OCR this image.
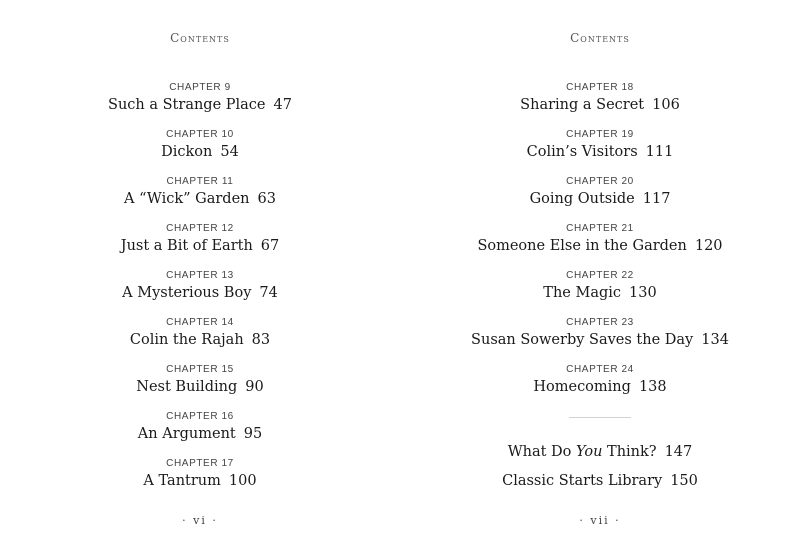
Contents
CHAPTER 9
Such a Strange Place 47
CHAPTER 10
Dickon 54
CHAPTER 11
A “Wick” Garden 63
CHAPTER 12
Just a Bit of Earth 67
CHAPTER 13
A Mysterious Boy 74
CHAPTER 14
Colin the Rajah 83
CHAPTER 15
Nest Building 90
CHAPTER 16
An Argument 95
CHAPTER 17
A Tantrum 100
· vi ·
Contents
CHAPTER 18
Sharing a Secret 106
CHAPTER 19
Colin’s Visitors 111
CHAPTER 20
Going Outside 117
CHAPTER 21
Someone Else in the Garden 120
CHAPTER 22
The Magic 130
CHAPTER 23
Susan Sowerby Saves the Day 134
CHAPTER 24
Homecoming 138
What Do You Think? 147
Classic Starts Library 150
· vii ·
